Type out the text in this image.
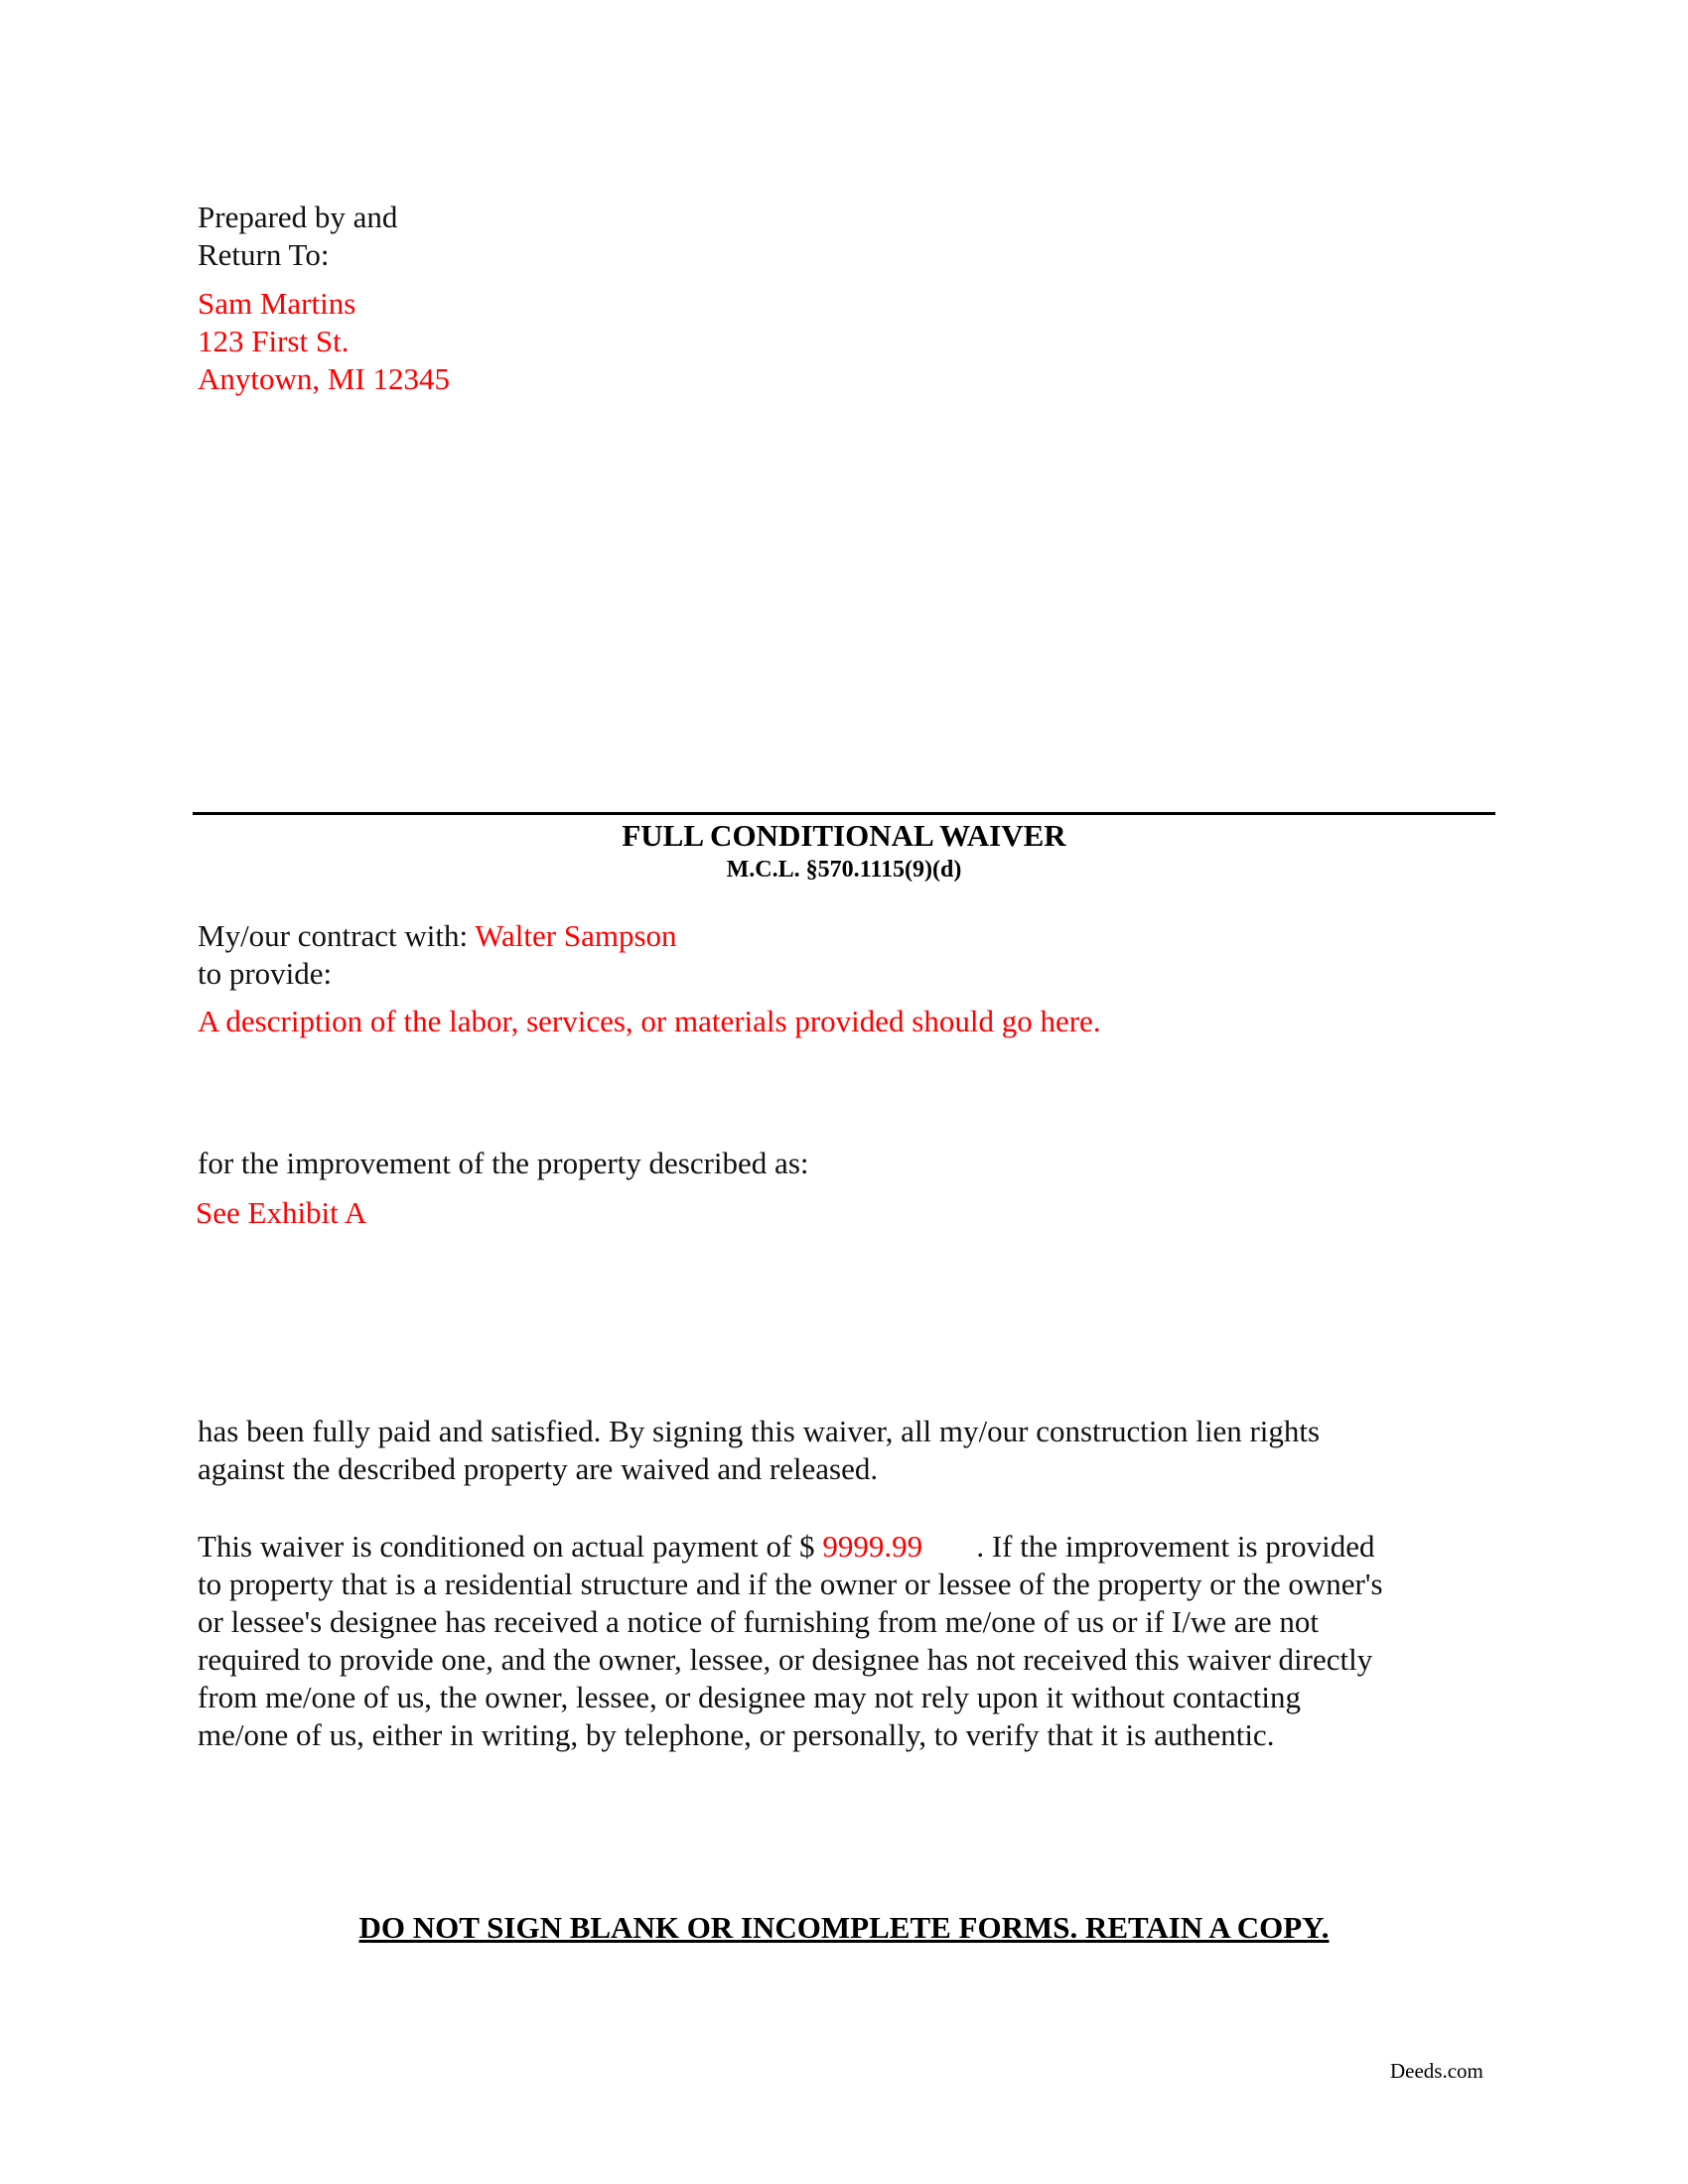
Prepared by and
Return To:
Sam Martins
123 First St.
Anytown, MI 12345
FULL CONDITIONAL WAIVER
M.C.L. §570.1115(9)(d)
My/our contract with: Walter Sampson
to provide:
A description of the labor, services, or materials provided should go here.
for the improvement of the property described as:
See Exhibit A
has been fully paid and satisfied. By signing this waiver, all my/our construction lien rights
against the described property are waived and released.
This waiver is conditioned on actual payment of $ 9999.99 . If the improvement is provided
to property that is a residential structure and if the owner or lessee of the property or the owner's
or lessee's designee has received a notice of furnishing from me/one of us or if I/we are not
required to provide one, and the owner, lessee, or designee has not received this waiver directly
from me/one of us, the owner, lessee, or designee may not rely upon it without contacting
me/one of us, either in writing, by telephone, or personally, to verify that it is authentic.
DO NOT SIGN BLANK OR INCOMPLETE FORMS. RETAIN A COPY.
Deeds.com
